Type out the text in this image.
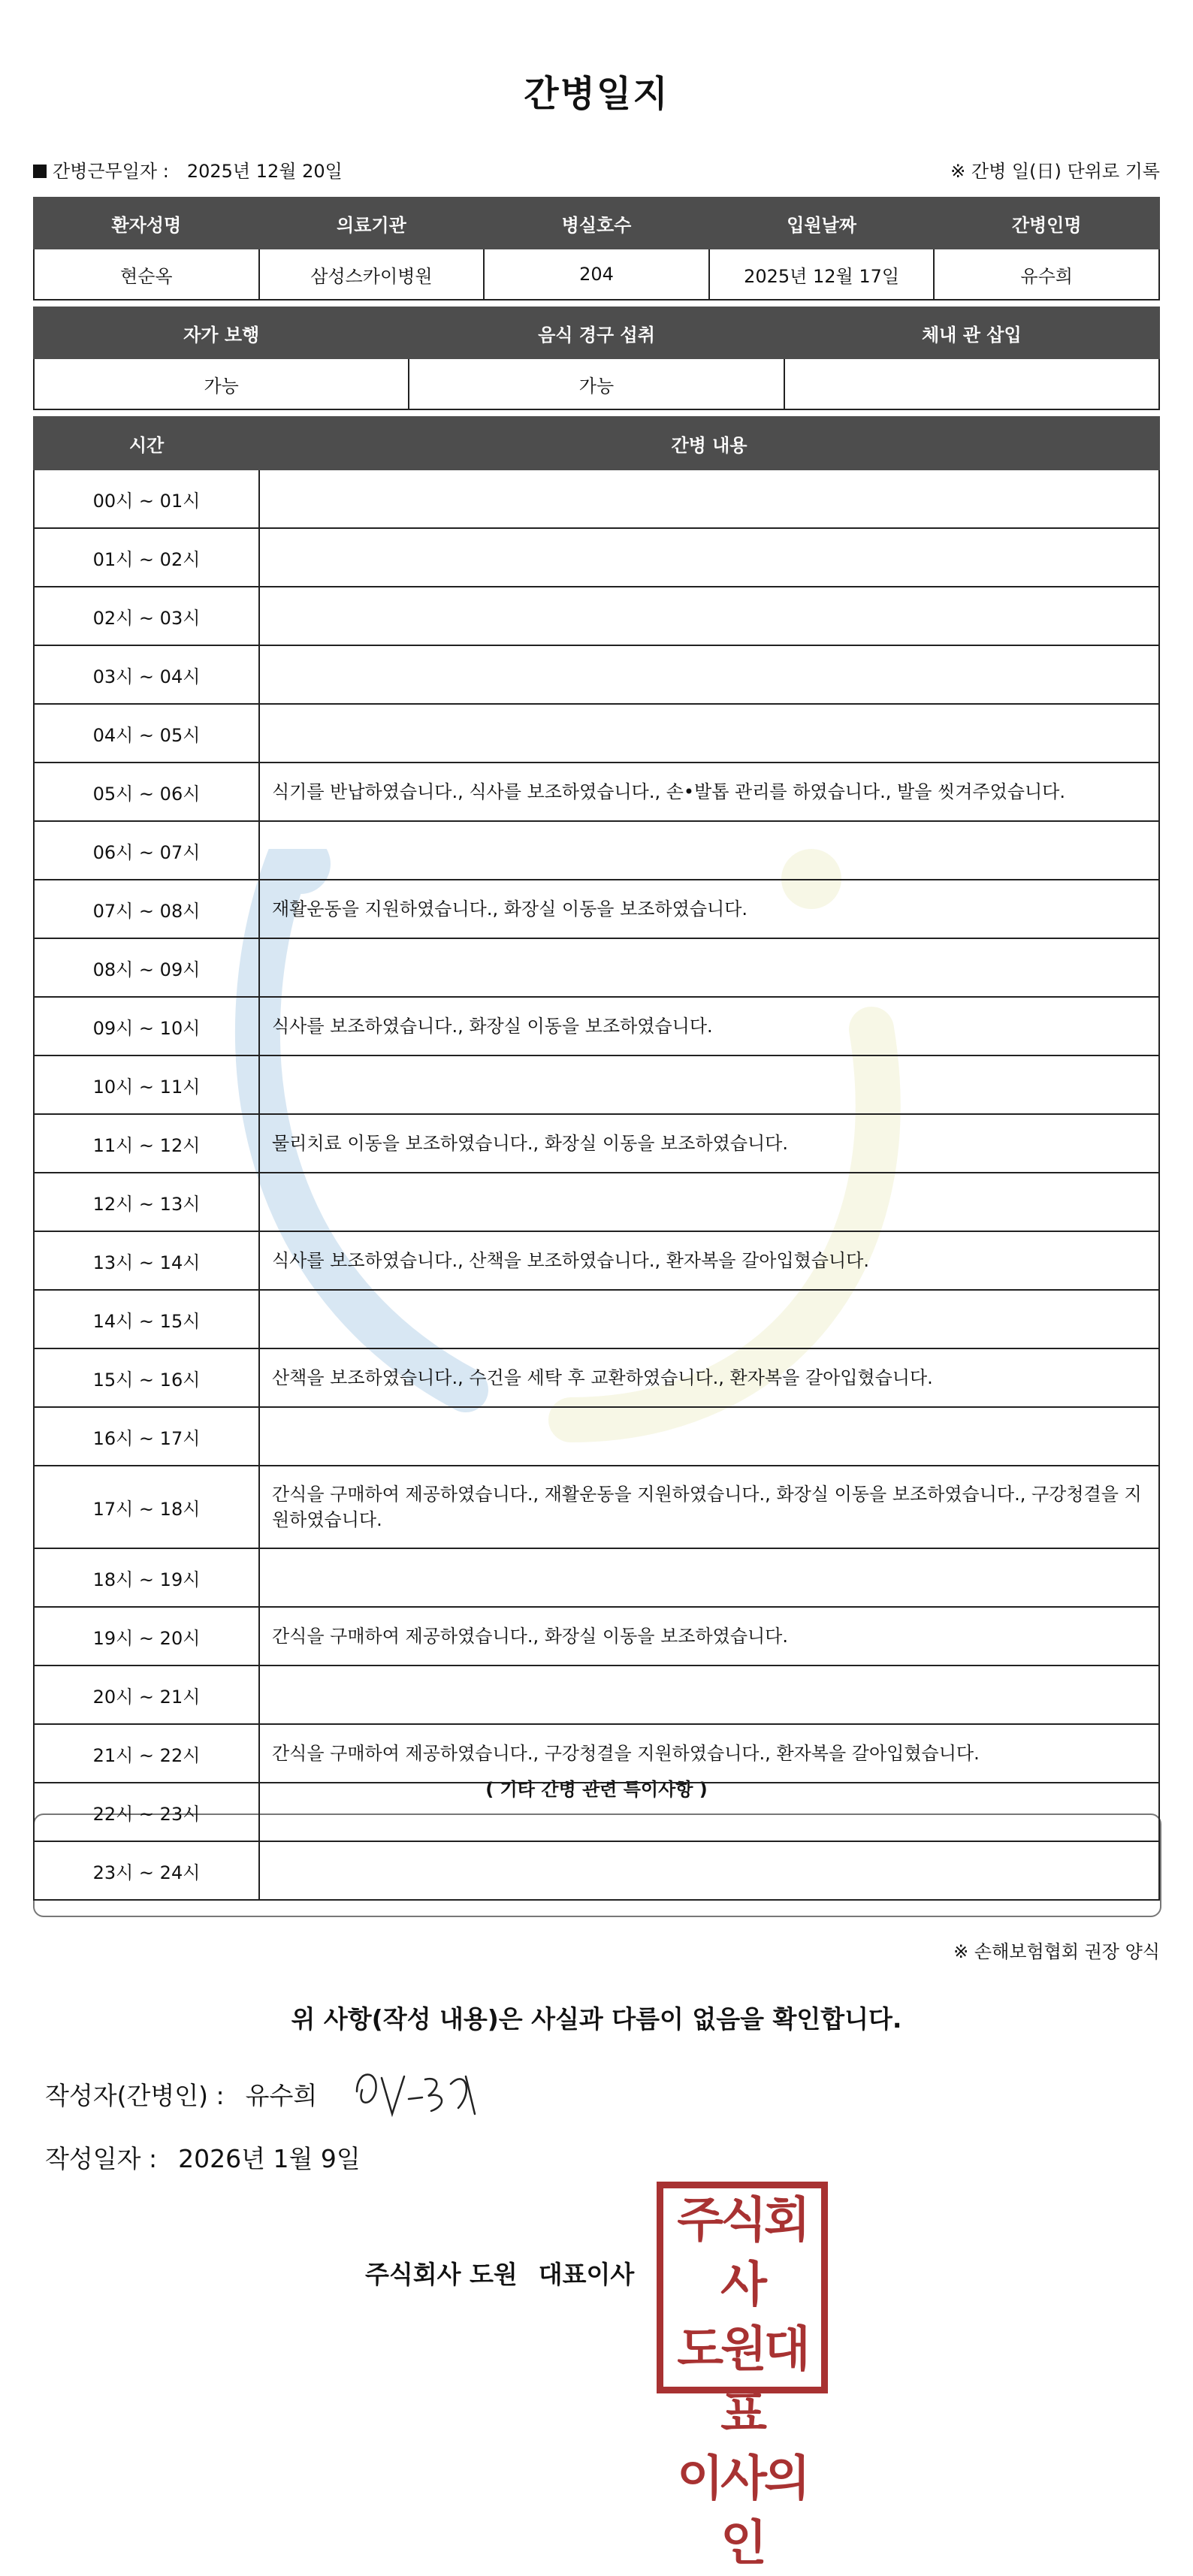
간병일지
간병근무일자 : 2025년 12월 20일	※ 간병 일(日) 단위로 기록
환자성명	의료기관	병실호수	입원날짜	간병인명
현순옥	삼성스카이병원	204	2025년 12월 17일	유수희
자가 보행	음식 경구 섭취	체내 관 삽입
가능	가능	
시간	간병 내용
00시 ~ 01시	
01시 ~ 02시	
02시 ~ 03시	
03시 ~ 04시	
04시 ~ 05시	
05시 ~ 06시	식기를 반납하였습니다., 식사를 보조하였습니다., 손•발톱 관리를 하였습니다., 발을 씻겨주었습니다.
06시 ~ 07시	
07시 ~ 08시	재활운동을 지원하였습니다., 화장실 이동을 보조하였습니다.
08시 ~ 09시	
09시 ~ 10시	식사를 보조하였습니다., 화장실 이동을 보조하였습니다.
10시 ~ 11시	
11시 ~ 12시	물리치료 이동을 보조하였습니다., 화장실 이동을 보조하였습니다.
12시 ~ 13시	
13시 ~ 14시	식사를 보조하였습니다., 산책을 보조하였습니다., 환자복을 갈아입혔습니다.
14시 ~ 15시	
15시 ~ 16시	산책을 보조하였습니다., 수건을 세탁 후 교환하였습니다., 환자복을 갈아입혔습니다.
16시 ~ 17시	
17시 ~ 18시	간식을 구매하여 제공하였습니다., 재활운동을 지원하였습니다., 화장실 이동을 보조하였습니다., 구강청결을 지원하였습니다.
18시 ~ 19시	
19시 ~ 20시	간식을 구매하여 제공하였습니다., 화장실 이동을 보조하였습니다.
20시 ~ 21시	
21시 ~ 22시	간식을 구매하여 제공하였습니다., 구강청결을 지원하였습니다., 환자복을 갈아입혔습니다.
22시 ~ 23시	
23시 ~ 24시	
( 기타 간병 관련 특이사항 )
※ 손해보험협회 권장 양식
위 사항(작성 내용)은 사실과 다름이 없음을 확인합니다.
작성자(간병인) : 유수희
작성일자 : 2026년 1월 9일
주식회사 도원 대표이사
주식회사
도원대표
이사의인
